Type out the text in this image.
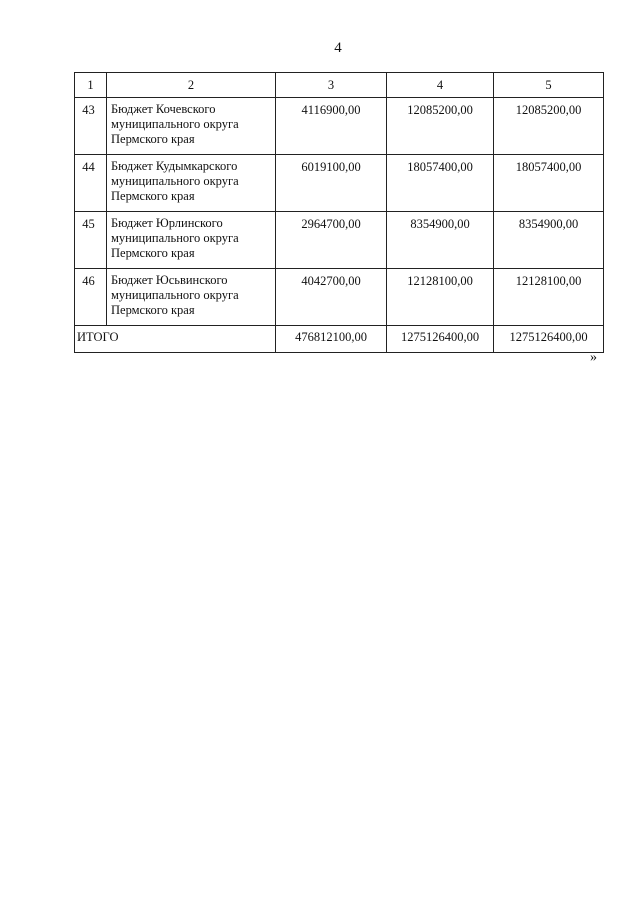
4
1	2	3	4	5
43	Бюджет Кочевского муниципального округа Пермского края	4116900,00	12085200,00	12085200,00
44	Бюджет Кудымкарского муниципального округа Пермского края	6019100,00	18057400,00	18057400,00
45	Бюджет Юрлинского муниципального округа Пермского края	2964700,00	8354900,00	8354900,00
46	Бюджет Юсьвинского муниципального округа Пермского края	4042700,00	12128100,00	12128100,00
ИТОГО		476812100,00	1275126400,00	1275126400,00
»
